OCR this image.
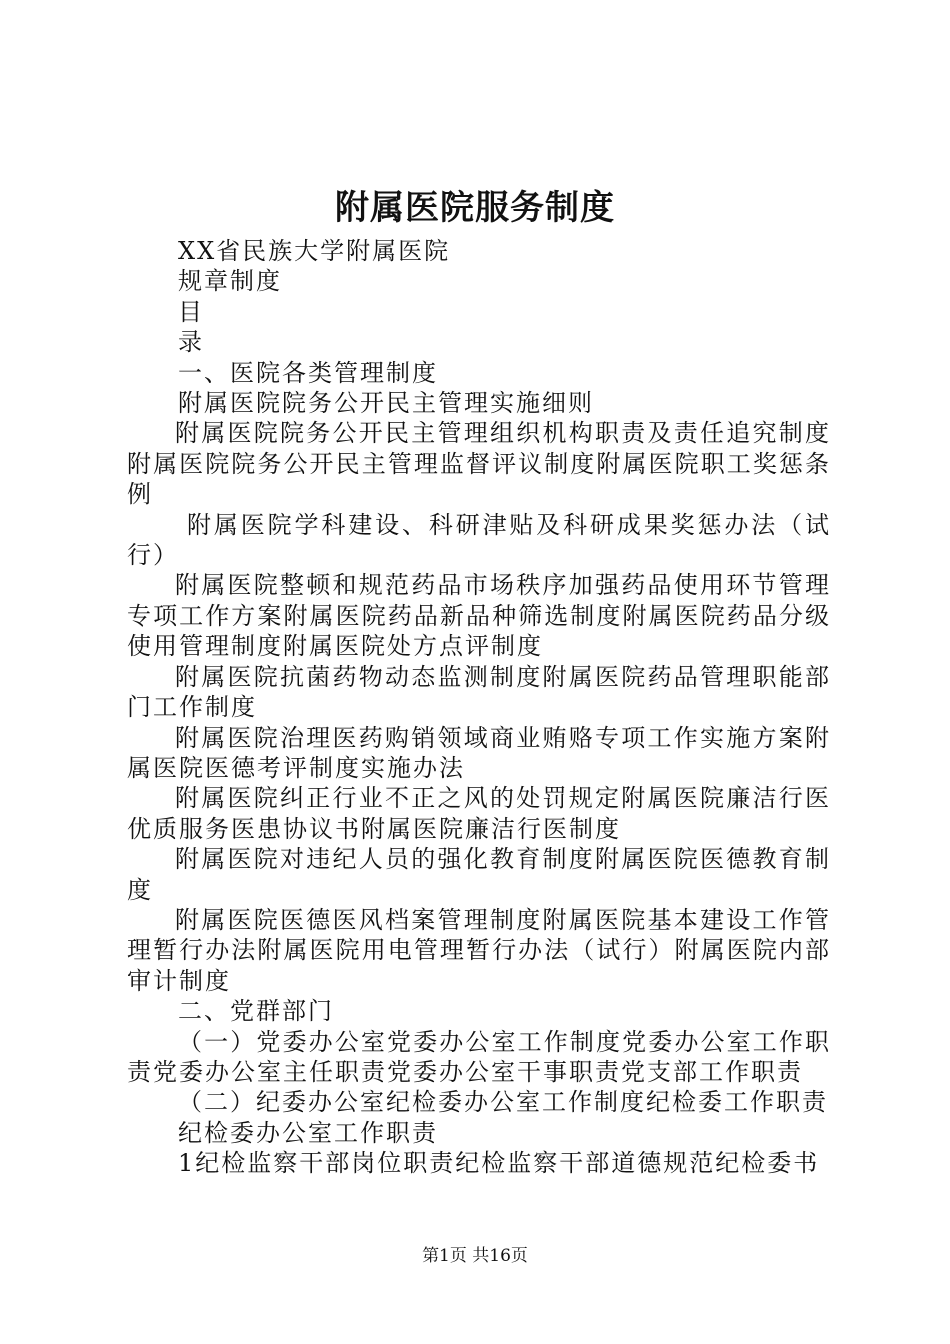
附属医院服务制度

XX省民族大学附属医院

规章制度

目

录

一、医院各类管理制度

附属医院院务公开民主管理实施细则

附属医院院务公开民主管理组织机构职责及责任追究制度附属医院院务公开民主管理监督评议制度附属医院职工奖惩条例

附属医院学科建设、科研津贴及科研成果奖惩办法（试行）

附属医院整顿和规范药品市场秩序加强药品使用环节管理专项工作方案附属医院药品新品种筛选制度附属医院药品分级使用管理制度附属医院处方点评制度

附属医院抗菌药物动态监测制度附属医院药品管理职能部门工作制度

附属医院治理医药购销领域商业贿赂专项工作实施方案附属医院医德考评制度实施办法

附属医院纠正行业不正之风的处罚规定附属医院廉洁行医优质服务医患协议书附属医院廉洁行医制度

附属医院对违纪人员的强化教育制度附属医院医德教育制度

附属医院医德医风档案管理制度附属医院基本建设工作管理暂行办法附属医院用电管理暂行办法（试行）附属医院内部审计制度

二、党群部门

（一）党委办公室党委办公室工作制度党委办公室工作职责党委办公室主任职责党委办公室干事职责党支部工作职责

（二）纪委办公室纪检委办公室工作制度纪检委工作职责

纪检委办公室工作职责

1纪检监察干部岗位职责纪检监察干部道德规范纪检委书

第1页 共16页
